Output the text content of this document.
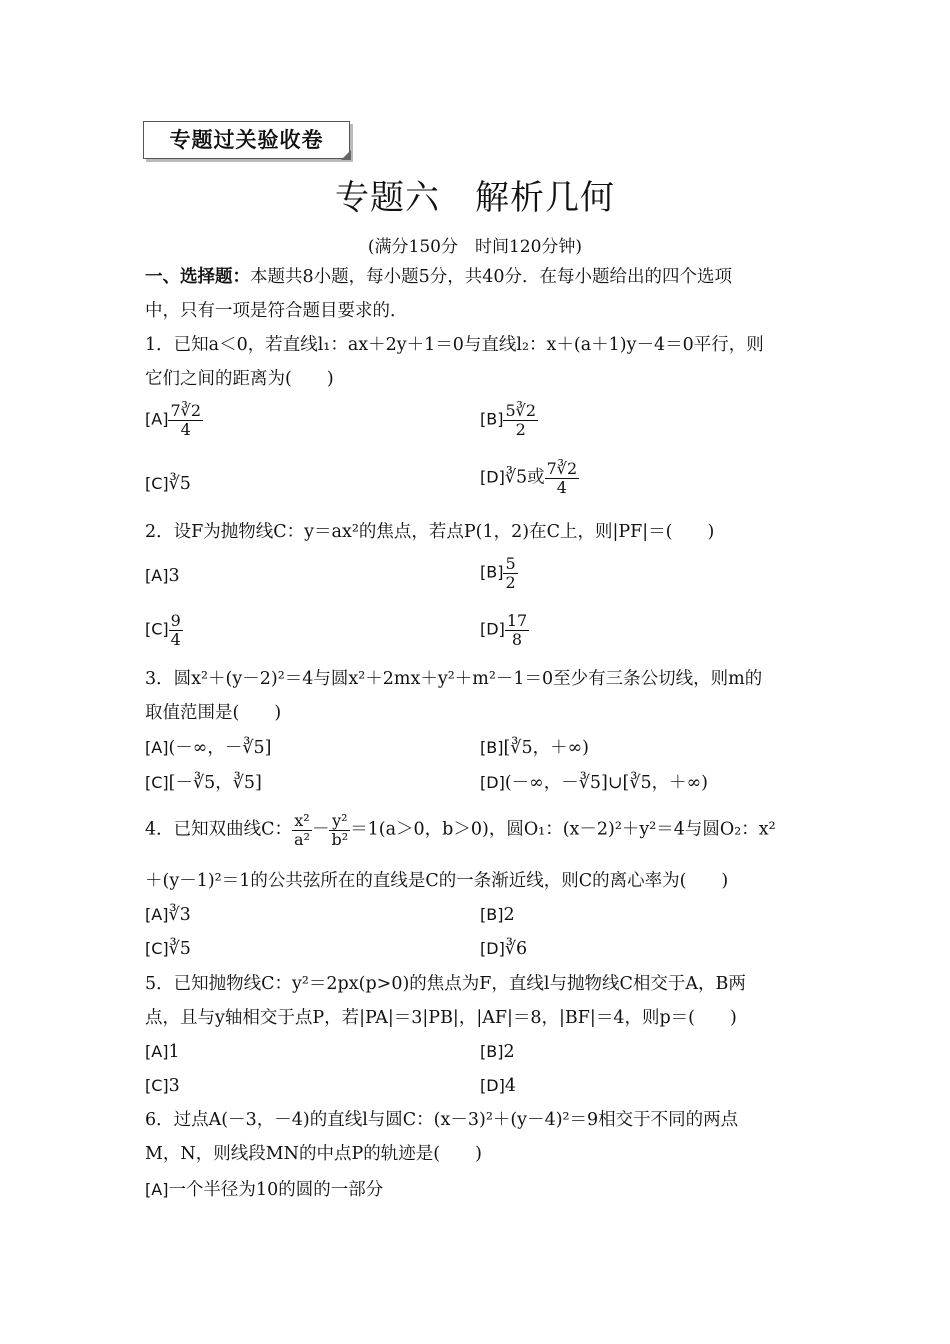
专题过关验收卷
专题六　解析几何
(满分150分　时间120分钟)
一、选择题：本题共8小题，每小题5分，共40分．在每小题给出的四个选项
中，只有一项是符合题目要求的．
1．已知a＜0，若直线l₁：ax＋2y＋1＝0与直线l₂：x＋(a＋1)y－4＝0平行，则
它们之间的距离为(　　)
$[A] \frac{7∛2}{4}$	$[B] \frac{5∛2}{2}$
[C]∛5	[D]∛5或 $\frac{7∛2}{4}$
2．设F为抛物线C：y＝ax²的焦点，若点P(1，2)在C上，则|PF|＝(　　)
[A]3	$[B] \frac{5}{2}$
$[C] \frac{9}{4}$	$[D] \frac{17}{8}$
3．圆x²＋(y－2)²＝4与圆x²＋2mx＋y²＋m²－1＝0至少有三条公切线，则m的
取值范围是(　　)
[A](－∞，－∛5]	[B][∛5，＋∞)
[C][－∛5，∛5]	[D](－∞，－∛5]∪[∛5，＋∞)
4．已知双曲线C： $\frac{\text{x²}}{\text{a²}} - \frac{\text{y²}}{\text{b²}} =1(a>0$，b＞0)，圆O₁：(x－2)²＋y²＝4与圆O₂：x²
＋(y－1)²＝1的公共弦所在的直线是C的一条渐近线，则C的离心率为(　　)
[A]∛3	[B]2
[C]∛5	[D]∛6
5．已知抛物线C：y²＝2px(p>0)的焦点为F，直线l与抛物线C相交于A，B两
点，且与y轴相交于点P，若|PA|＝3|PB|，|AF|＝8，|BF|＝4，则p＝(　　)
[A]1	[B]2
[C]3	[D]4
6．过点A(－3，－4)的直线l与圆C：(x－3)²＋(y－4)²＝9相交于不同的两点
M，N，则线段MN的中点P的轨迹是(　　)
[A]一个半径为10的圆的一部分
